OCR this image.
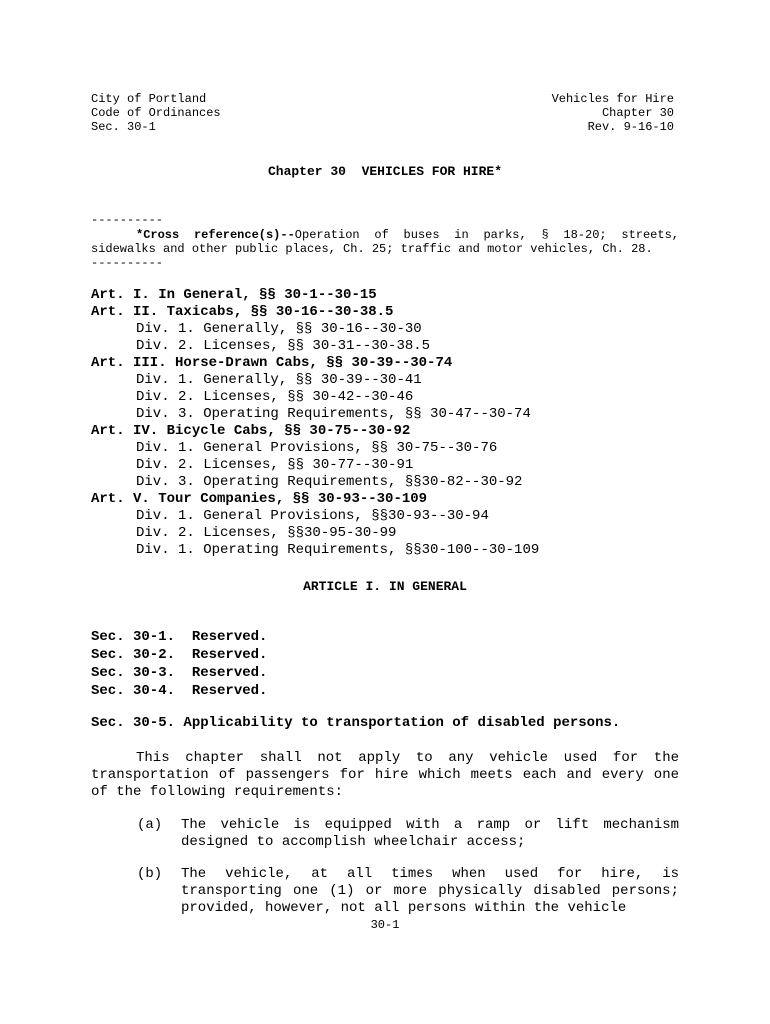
City of Portland
Code of Ordinances
Sec. 30-1
Vehicles for Hire
Chapter 30
Rev. 9-16-10
Chapter 30  VEHICLES FOR HIRE*
----------
*Cross reference(s)--Operation of buses in parks, § 18-20; streets, sidewalks and other public places, Ch. 25; traffic and motor vehicles, Ch. 28.
----------
Art. I. In General, §§ 30-1--30-15
Art. II. Taxicabs, §§ 30-16--30-38.5
Div. 1. Generally, §§ 30-16--30-30
Div. 2. Licenses, §§ 30-31--30-38.5
Art. III. Horse-Drawn Cabs, §§ 30-39--30-74
Div. 1. Generally, §§ 30-39--30-41
Div. 2. Licenses, §§ 30-42--30-46
Div. 3. Operating Requirements, §§ 30-47--30-74
Art. IV. Bicycle Cabs, §§ 30-75--30-92
Div. 1. General Provisions, §§ 30-75--30-76
Div. 2. Licenses, §§ 30-77--30-91
Div. 3. Operating Requirements, §§30-82--30-92
Art. V. Tour Companies, §§ 30-93--30-109
Div. 1. General Provisions, §§30-93--30-94
Div. 2. Licenses, §§30-95-30-99
Div. 1. Operating Requirements, §§30-100--30-109
ARTICLE I. IN GENERAL
Sec. 30-1.  Reserved.
Sec. 30-2.  Reserved.
Sec. 30-3.  Reserved.
Sec. 30-4.  Reserved.
Sec. 30-5. Applicability to transportation of disabled persons.
This chapter shall not apply to any vehicle used for the transportation of passengers for hire which meets each and every one of the following requirements:
(a) The vehicle is equipped with a ramp or lift mechanism designed to accomplish wheelchair access;
(b) The vehicle, at all times when used for hire, is transporting one (1) or more physically disabled persons; provided, however, not all persons within the vehicle
30-1
